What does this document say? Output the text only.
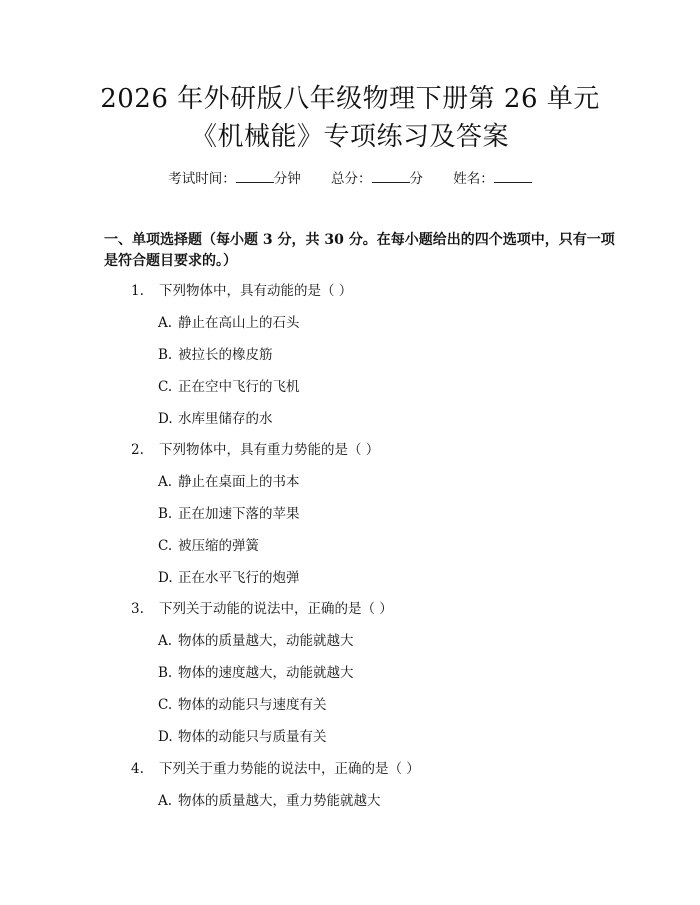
2026 年外研版八年级物理下册第 26 单元
《机械能》专项练习及答案
考试时间：	分钟 总分：	分 姓名：

一、单项选择题（每小题 3 分，共 30 分。在每小题给出的四个选项中，只有一项是符合题目要求的。）

1. 下列物体中，具有动能的是（ ）
A. 静止在高山上的石头
B. 被拉长的橡皮筋
C. 正在空中飞行的飞机
D. 水库里储存的水
2. 下列物体中，具有重力势能的是（ ）
A. 静止在桌面上的书本
B. 正在加速下落的苹果
C. 被压缩的弹簧
D. 正在水平飞行的炮弹
3. 下列关于动能的说法中，正确的是（ ）
A. 物体的质量越大，动能就越大
B. 物体的速度越大，动能就越大
C. 物体的动能只与速度有关
D. 物体的动能只与质量有关
4. 下列关于重力势能的说法中，正确的是（ ）
A. 物体的质量越大，重力势能就越大
